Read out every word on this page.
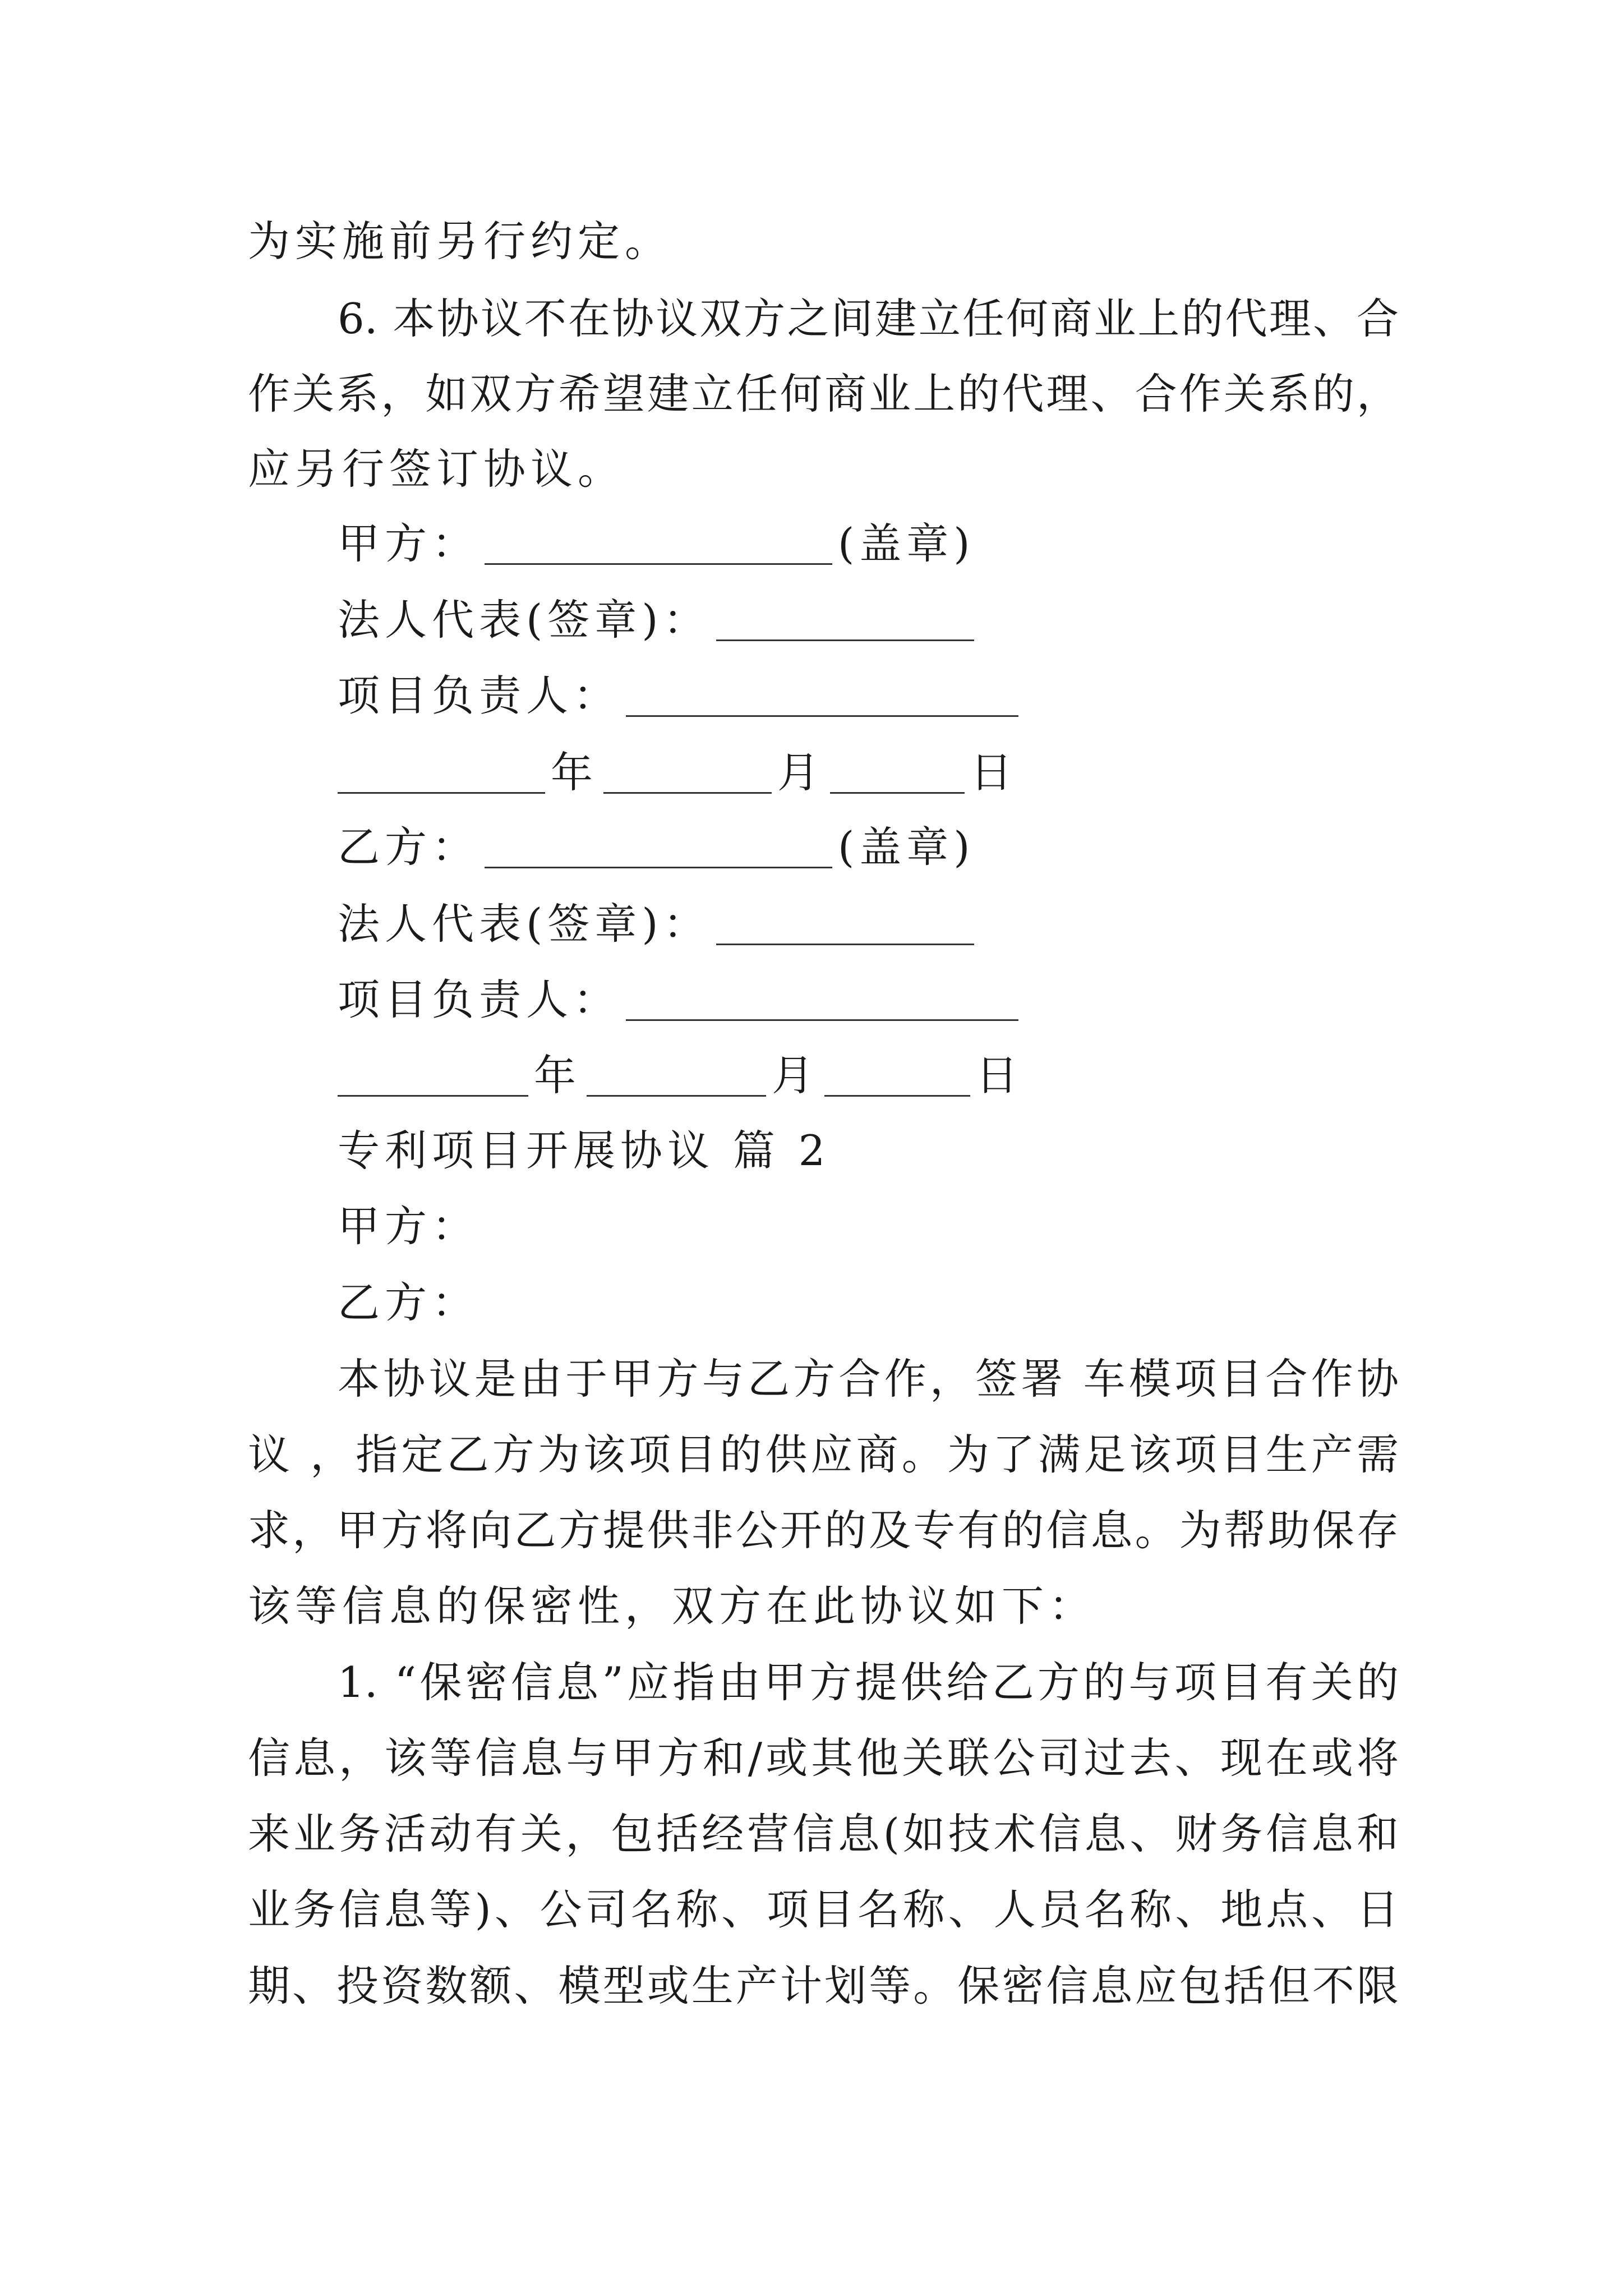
为实施前另行约定。
6. 本协议不在协议双方之间建立任何商业上的代理、合
作关系，如双方希望建立任何商业上的代理、合作关系的，
应另行签订协议。
甲方：	(盖章)
法人代表(签章)：
项目负责人：
年	月	日
乙方：	(盖章)
法人代表(签章)：
项目负责人：
年	月	日
专利项目开展协议 篇 2
甲方：
乙方：
本协议是由于甲方与乙方合作，签署 车模项目合作协
议 ，指定乙方为该项目的供应商。为了满足该项目生产需
求，甲方将向乙方提供非公开的及专有的信息。为帮助保存
该等信息的保密性，双方在此协议如下：
1. “保密信息”应指由甲方提供给乙方的与项目有关的
信息，该等信息与甲方和/或其他关联公司过去、现在或将
来业务活动有关，包括经营信息(如技术信息、财务信息和
业务信息等)、公司名称、项目名称、人员名称、地点、日
期、投资数额、模型或生产计划等。保密信息应包括但不限
